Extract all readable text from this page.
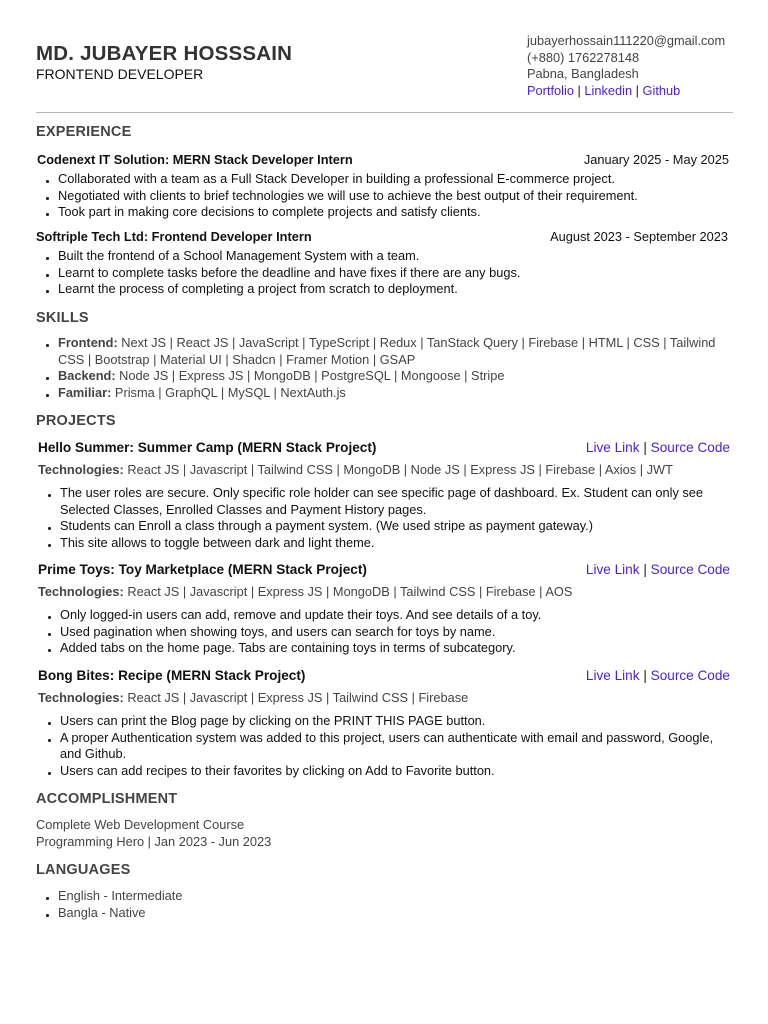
MD. JUBAYER HOSSSAIN
FRONTEND DEVELOPER
jubayerhossain111220@gmail.com
(+880) 1762278148
Pabna, Bangladesh
Portfolio | Linkedin | Github
EXPERIENCE
Codenext IT Solution: MERN Stack Developer Intern	January 2025 - May 2025
Collaborated with a team as a Full Stack Developer in building a professional E-commerce project.
Negotiated with clients to brief technologies we will use to achieve the best output of their requirement.
Took part in making core decisions to complete projects and satisfy clients.
Softriple Tech Ltd: Frontend Developer Intern	August 2023 - September 2023
Built the frontend of a School Management System with a team.
Learnt to complete tasks before the deadline and have fixes if there are any bugs.
Learnt the process of completing a project from scratch to deployment.
SKILLS
Frontend: Next JS | React JS | JavaScript | TypeScript | Redux | TanStack Query | Firebase | HTML | CSS | Tailwind
CSS | Bootstrap | Material UI | Shadcn | Framer Motion | GSAP
Backend: Node JS | Express JS | MongoDB | PostgreSQL | Mongoose | Stripe
Familiar: Prisma | GraphQL | MySQL | NextAuth.js
PROJECTS
Hello Summer: Summer Camp (MERN Stack Project)	Live Link | Source Code
Technologies: React JS | Javascript | Tailwind CSS | MongoDB | Node JS | Express JS | Firebase | Axios | JWT
The user roles are secure. Only specific role holder can see specific page of dashboard. Ex. Student can only see
Selected Classes, Enrolled Classes and Payment History pages.
Students can Enroll a class through a payment system. (We used stripe as payment gateway.)
This site allows to toggle between dark and light theme.
Prime Toys: Toy Marketplace (MERN Stack Project)	Live Link | Source Code
Technologies: React JS | Javascript | Express JS | MongoDB | Tailwind CSS | Firebase | AOS
Only logged-in users can add, remove and update their toys. And see details of a toy.
Used pagination when showing toys, and users can search for toys by name.
Added tabs on the home page. Tabs are containing toys in terms of subcategory.
Bong Bites: Recipe (MERN Stack Project)	Live Link | Source Code
Technologies: React JS | Javascript | Express JS | Tailwind CSS | Firebase
Users can print the Blog page by clicking on the PRINT THIS PAGE button.
A proper Authentication system was added to this project, users can authenticate with email and password, Google,
and Github.
Users can add recipes to their favorites by clicking on Add to Favorite button.
ACCOMPLISHMENT
Complete Web Development Course
Programming Hero | Jan 2023 - Jun 2023
LANGUAGES
English - Intermediate
Bangla - Native
